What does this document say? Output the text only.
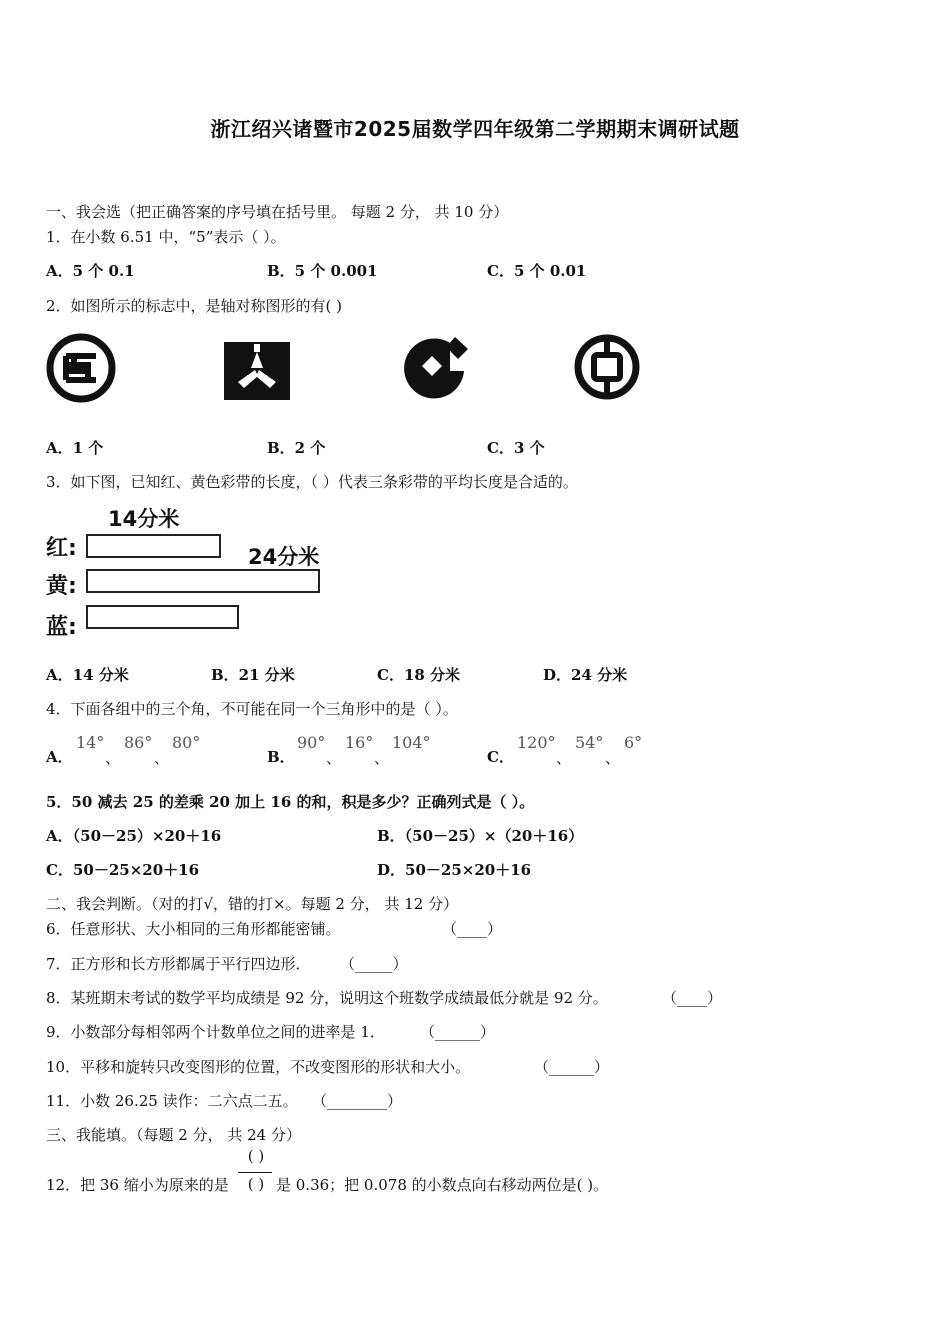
浙江绍兴诸暨市2025届数学四年级第二学期期末调研试题
一、我会选（把正确答案的序号填在括号里。 每题 2 分， 共 10 分）
1．在小数 6.51 中，“5”表示（ ）。
A．5 个 0.1	B．5 个 0.001	C．5 个 0.01
2．如图所示的标志中，是轴对称图形的有( )
A．1 个	B．2 个	C．3 个
3．如下图，已知红、黄色彩带的长度，（ ）代表三条彩带的平均长度是合适的。
14分米
24分米
红:
黄:
蓝:
A．14 分米	B．21 分米	C．18 分米	D．24 分米
4．下面各组中的三个角，不可能在同一个三角形中的是（ ）。
A．
14°
、
86°
、
80°
B．
90°
、
16°
、
104°
C．
120°
、
54°
、
6°
5．50 减去 25 的差乘 20 加上 16 的和，积是多少？正确列式是（ ）。
A．（50－25）×20＋16	B．（50－25）×（20＋16）
C．50－25×20＋16	D．50－25×20＋16
二、我会判断。（对的打√，错的打×。每题 2 分， 共 12 分）
6．任意形状、大小相同的三角形都能密铺。	（____）
7．正方形和长方形都属于平行四边形． （_____）
8．某班期末考试的数学平均成绩是 92 分，说明这个班数学成绩最低分就是 92 分。	（____）
9．小数部分每相邻两个计数单位之间的进率是 1． （______）
10．平移和旋转只改变图形的位置，不改变图形的形状和大小。	（______）
11．小数 26.25 读作：二六点二五。 （________）
三、我能填。（每题 2 分， 共 24 分）
12．把 36 缩小为原来的是
( )
( ) 是 0.36；把 0.078 的小数点向右移动两位是( )。
